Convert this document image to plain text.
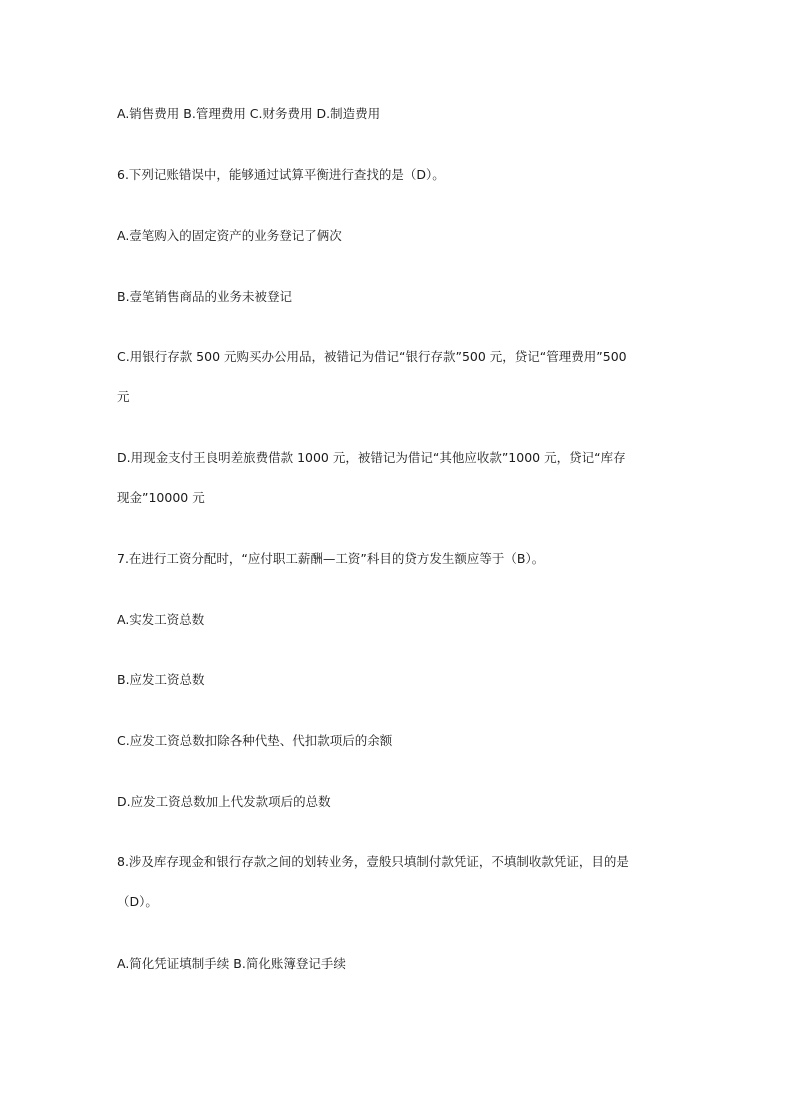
A.销售费用 B.管理费用 C.财务费用 D.制造费用
6.下列记账错误中，能够通过试算平衡进行查找的是（D）。
A.壹笔购入的固定资产的业务登记了俩次
B.壹笔销售商品的业务未被登记
C.用银行存款 500 元购买办公用品，被错记为借记“银行存款”500 元，贷记“管理费用”500
元
D.用现金支付王良明差旅费借款 1000 元，被错记为借记“其他应收款”1000 元，贷记“库存
现金”10000 元
7.在进行工资分配时，“应付职工薪酬—工资”科目的贷方发生额应等于（B）。
A.实发工资总数
B.应发工资总数
C.应发工资总数扣除各种代垫、代扣款项后的余额
D.应发工资总数加上代发款项后的总数
8.涉及库存现金和银行存款之间的划转业务，壹般只填制付款凭证，不填制收款凭证，目的是
（D）。
A.简化凭证填制手续 B.简化账簿登记手续
